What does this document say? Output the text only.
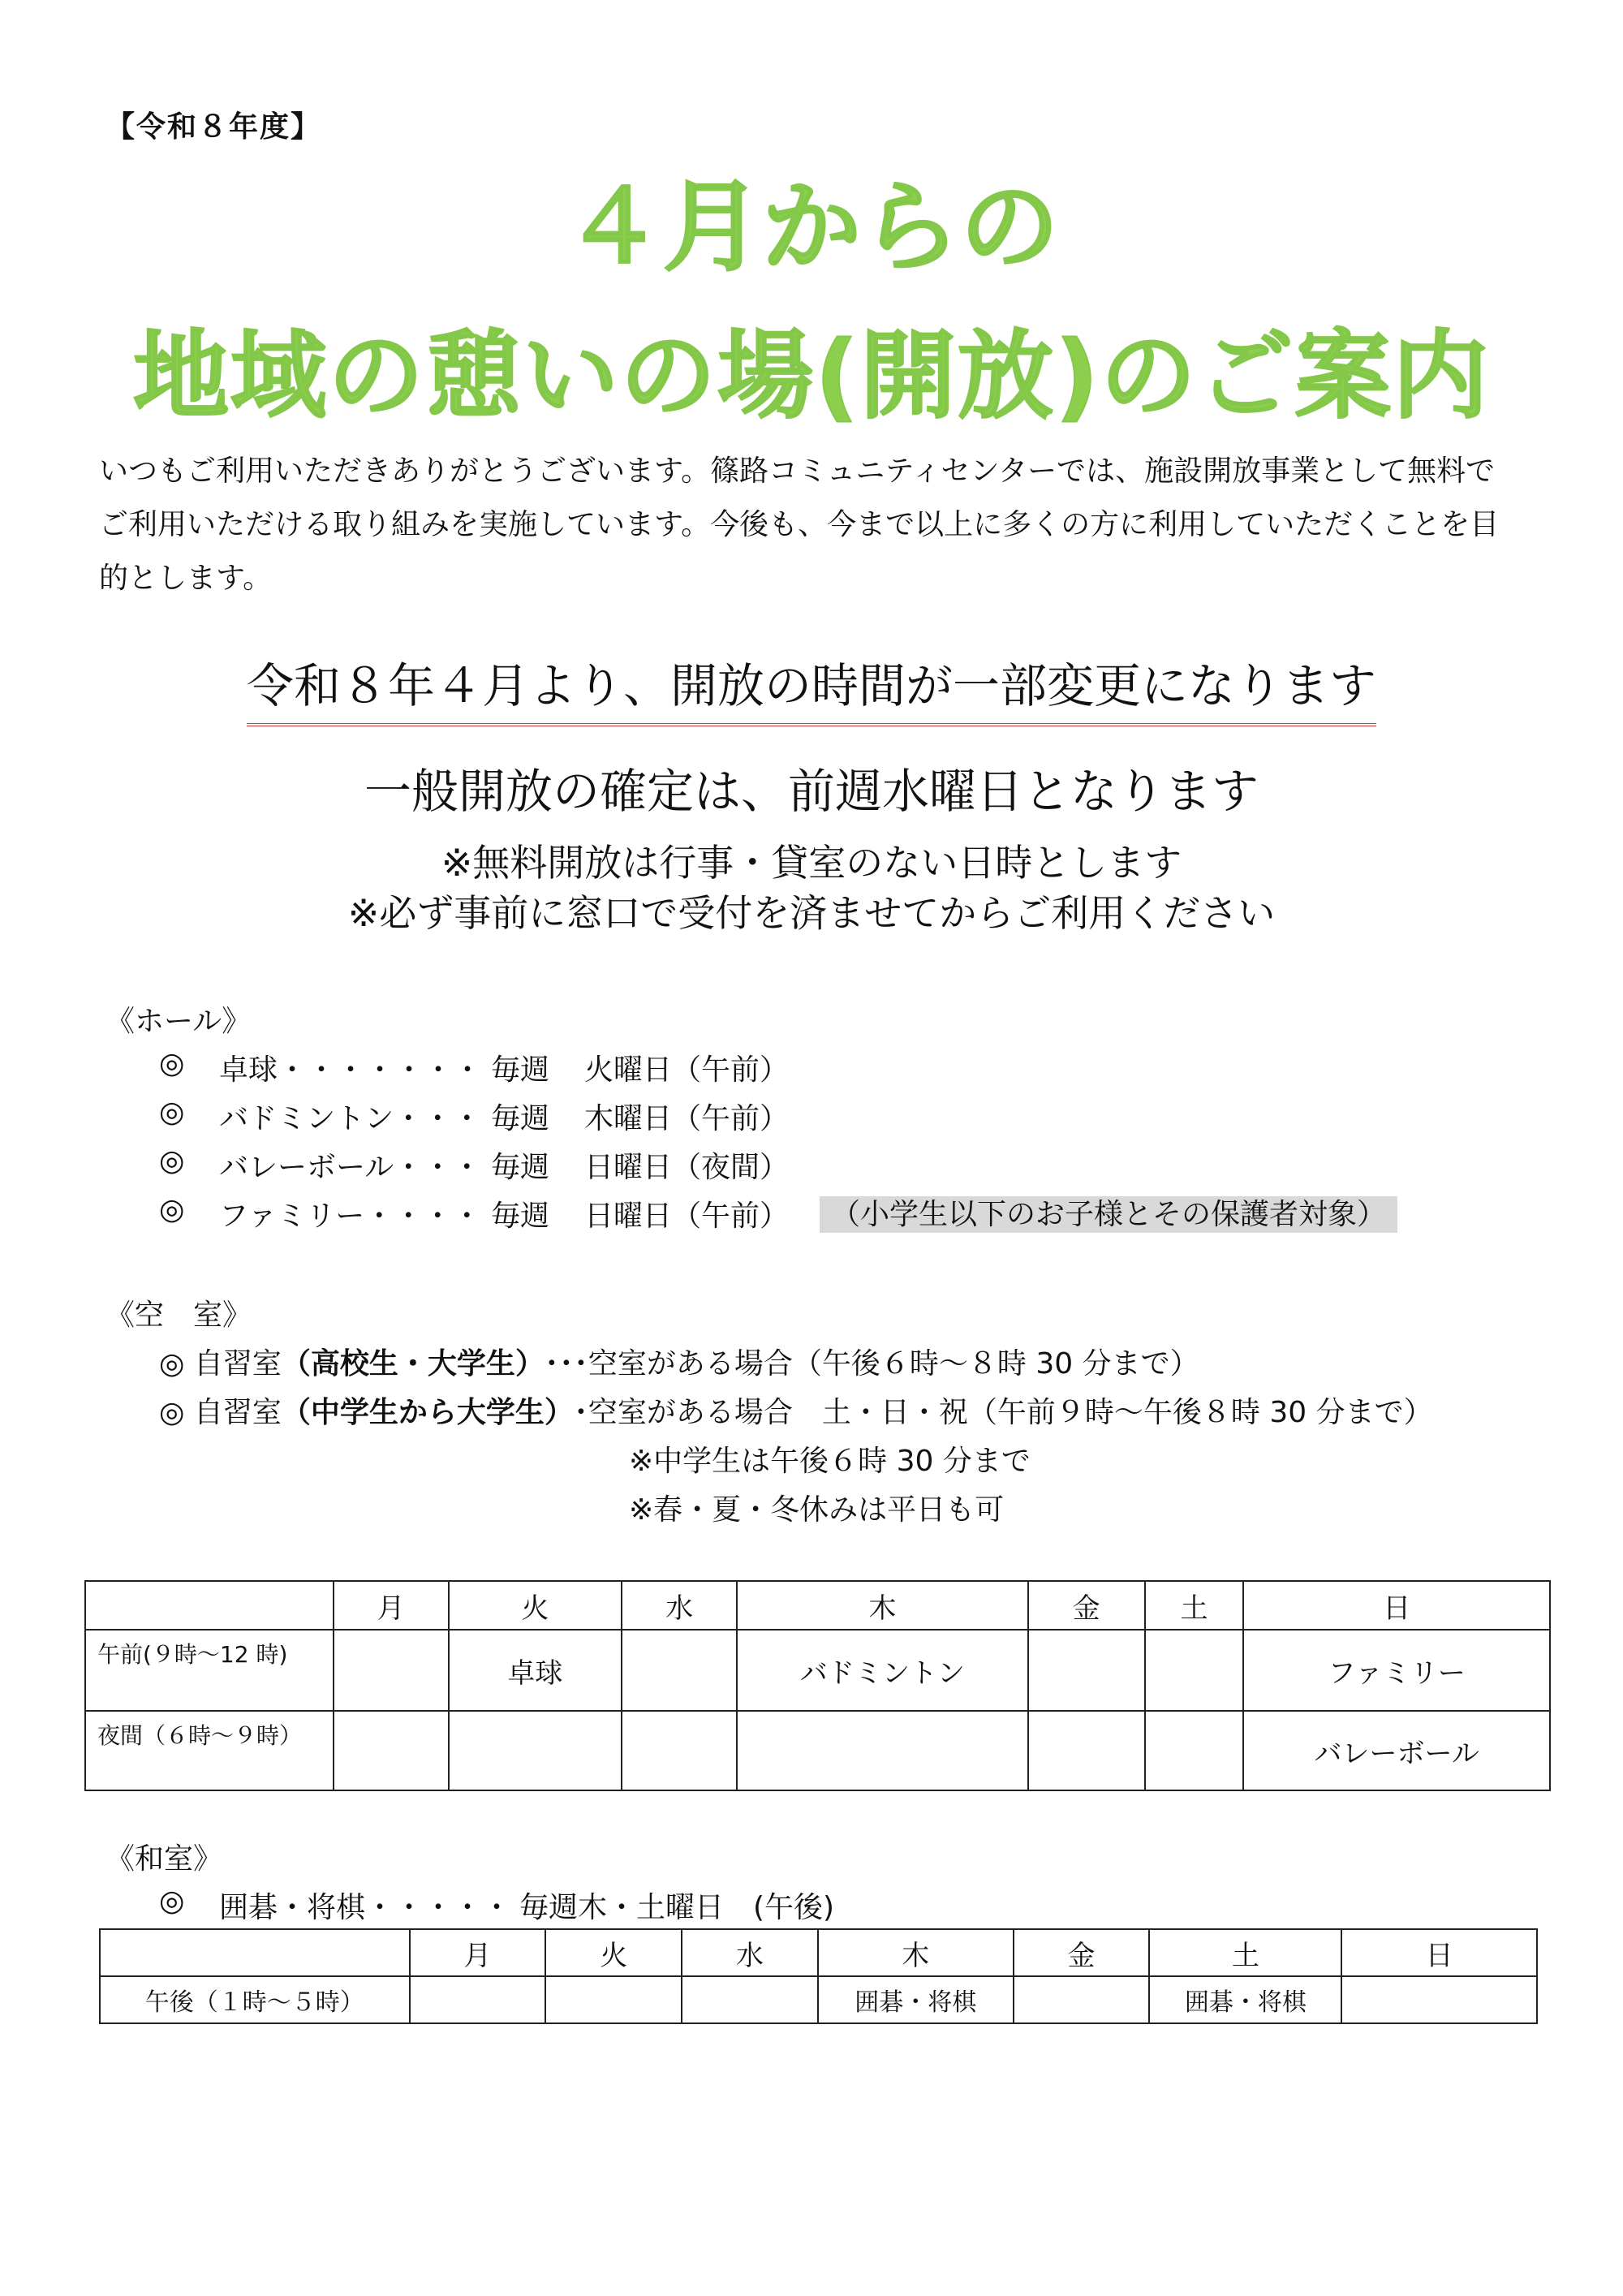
【令和８年度】
４月からの
地域の憩いの場(開放)のご案内

いつもご利用いただきありがとうございます。篠路コミュニティセンターでは、施設開放事業として無料で

ご利用いただける取り組みを実施しています。今後も、今まで以上に多くの方に利用していただくことを目

的とします。

令和８年４月より、開放の時間が一部変更になります
一般開放の確定は、前週水曜日となります
※無料開放は行事・貸室のない日時とします
※必ず事前に窓口で受付を済ませてからご利用ください
《ホール》
◎ 卓球・・・・・・・ 毎週 火曜日（午前）
◎ バドミントン・・・ 毎週 木曜日（午前）
◎ バレーボール・・・ 毎週 日曜日（夜間）
◎ ファミリー・・・・ 毎週 日曜日（午前）	（小学生以下のお子様とその保護者対象）
《空　室》
◎ 自習室（高校生・大学生）･･･空室がある場合（午後６時～８時 30 分まで）
◎ 自習室（中学生から大学生）･空室がある場合　土・日・祝（午前９時～午後８時 30 分まで）
※中学生は午後６時 30 分まで
※春・夏・冬休みは平日も可
	月	火	水	木	金	土	日
午前(９時～12 時)		卓球		バドミントン			ファミリー
夜間（６時～９時）							バレーボール
《和室》
◎ 囲碁・将棋・・・・・ 毎週木・土曜日　(午後)
	月	火	水	木	金	土	日
午後（１時～５時）				囲碁・将棋		囲碁・将棋	
